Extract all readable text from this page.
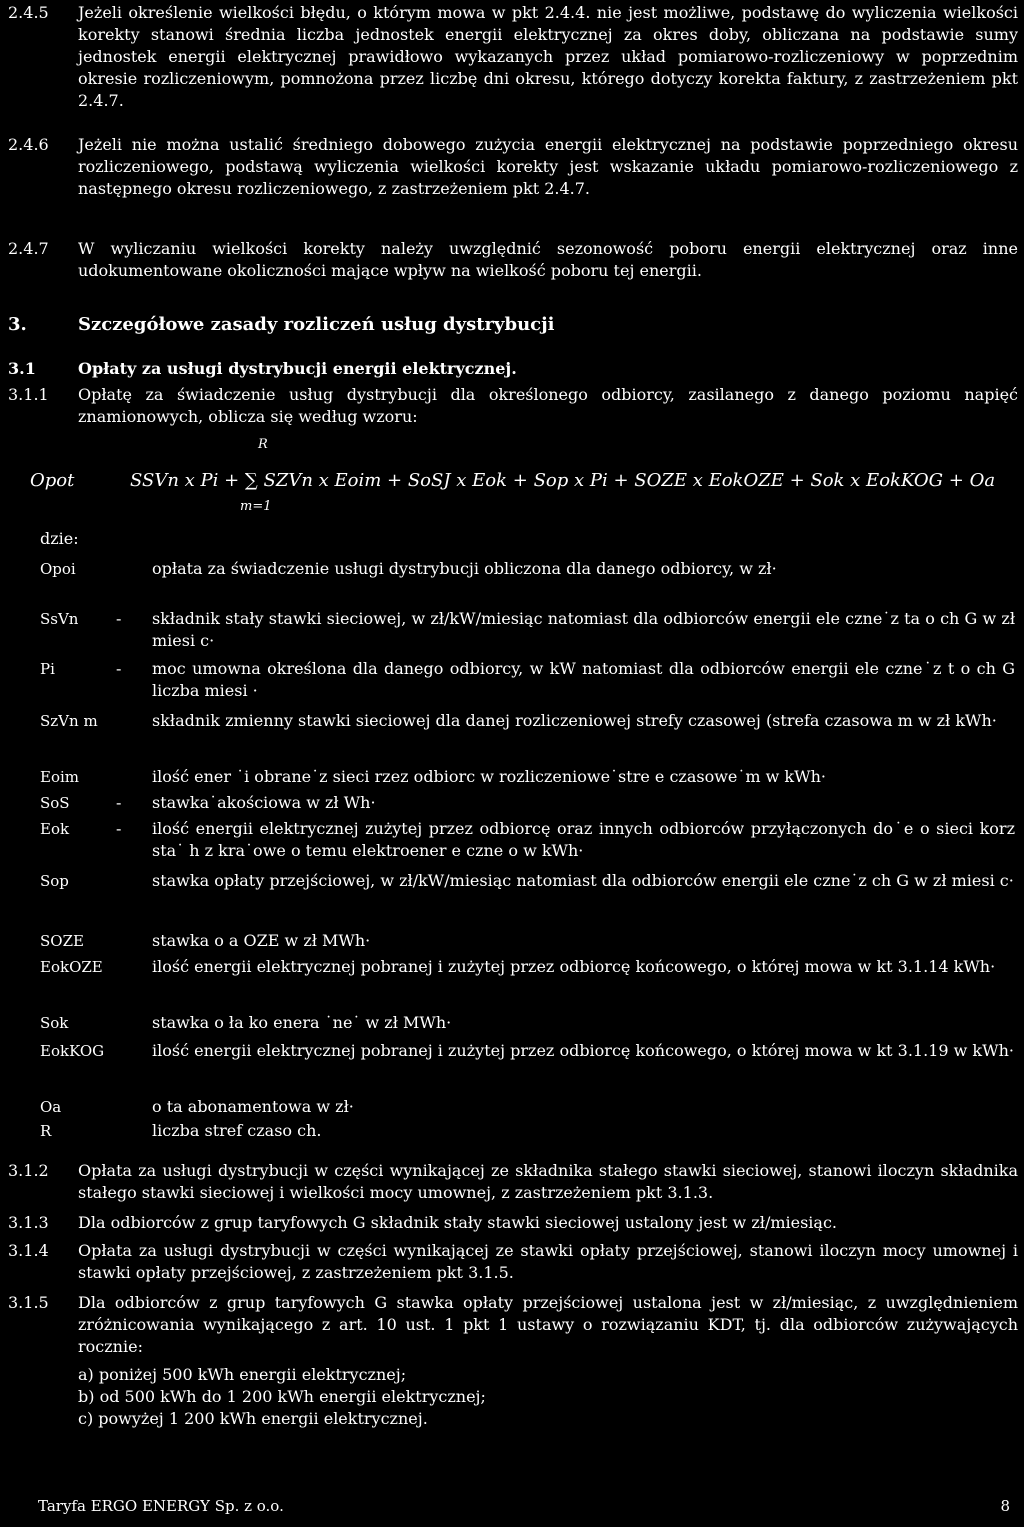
2.4.5 Jeżeli określenie wielkości błędu, o którym mowa w pkt 2.4.4. nie jest możliwe, podstawę do wyliczenia wielkości korekty stanowi średnia liczba jednostek energii elektrycznej za okres doby, obliczana na podstawie sumy jednostek energii elektrycznej prawidłowo wykazanych przez układ pomiarowo-rozliczeniowy w poprzednim okresie rozliczeniowym, pomnożona przez liczbę dni okresu, którego dotyczy korekta faktury, z zastrzeżeniem pkt 2.4.7.
2.4.6 Jeżeli nie można ustalić średniego dobowego zużycia energii elektrycznej na podstawie poprzedniego okresu rozliczeniowego, podstawą wyliczenia wielkości korekty jest wskazanie układu pomiarowo-rozliczeniowego z następnego okresu rozliczeniowego, z zastrzeżeniem pkt 2.4.7.
2.4.7 W wyliczaniu wielkości korekty należy uwzględnić sezonowość poboru energii elektrycznej oraz inne udokumentowane okoliczności mające wpływ na wielkość poboru tej energii.
3.	Szczegółowe zasady rozliczeń usług dystrybucji
3.1	Opłaty za usługi dystrybucji energii elektrycznej.
3.1.1 Opłatę za świadczenie usług dystrybucji dla określonego odbiorcy, zasilanego z danego poziomu napięć znamionowych, oblicza się według wzoru:
Opot
R
SSVn x Pi + ∑ SZVn x Eoim + SoSJ x Eok + Sop x Pi + SOZE x EokOZE + Sok x EokKOG + Oa
m=1
dzie:
Opoi	opłata za świadczenie usługi dystrybucji obliczona dla danego odbiorcy, w zł·
SsVn - składnik stały stawki sieciowej, w zł/kW/miesiąc natomiast dla odbiorców energii ele czne˙z ta o ch G w zł miesi c·
Pi	- moc umowna określona dla danego odbiorcy, w kW natomiast dla odbiorców energii ele czne˙z t o ch G liczba miesi ·
SzVn m	składnik zmienny stawki sieciowej dla danej rozliczeniowej strefy czasowej (strefa czasowa m w zł kWh·
Eoim	ilość ener ˙i obrane˙z sieci rzez odbiorc w rozliczeniowe˙stre e czasowe˙m w kWh·
SoS	- stawka˙akościowa w zł Wh·
Eok	- ilość energii elektrycznej zużytej przez odbiorcę oraz innych odbiorców przyłączonych do˙e o sieci korz sta˙ h z kra˙owe o temu elektroener e czne o w kWh·
Sop	stawka opłaty przejściowej, w zł/kW/miesiąc natomiast dla odbiorców energii ele czne˙z ch G w zł miesi c·
SOZE	stawka o a OZE w zł MWh·
EokOZE	ilość energii elektrycznej pobranej i zużytej przez odbiorcę końcowego, o której mowa w kt 3.1.14 kWh·
Sok	stawka o ła ko enera ˙ne˙ w zł MWh·
EokKOG	ilość energii elektrycznej pobranej i zużytej przez odbiorcę końcowego, o której mowa w kt 3.1.19 w kWh·
Oa	o ta abonamentowa w zł·
R	liczba stref czaso ch.
3.1.2 Opłata za usługi dystrybucji w części wynikającej ze składnika stałego stawki sieciowej, stanowi iloczyn składnika stałego stawki sieciowej i wielkości mocy umownej, z zastrzeżeniem pkt 3.1.3.
3.1.3 Dla odbiorców z grup taryfowych G składnik stały stawki sieciowej ustalony jest w zł/miesiąc.
3.1.4 Opłata za usługi dystrybucji w części wynikającej ze stawki opłaty przejściowej, stanowi iloczyn mocy umownej i stawki opłaty przejściowej, z zastrzeżeniem pkt 3.1.5.
3.1.5 Dla odbiorców z grup taryfowych G stawka opłaty przejściowej ustalona jest w zł/miesiąc, z uwzględnieniem zróżnicowania wynikającego z art. 10 ust. 1 pkt 1 ustawy o rozwiązaniu KDT, tj. dla odbiorców zużywających rocznie:
a) poniżej 500 kWh energii elektrycznej;
b) od 500 kWh do 1 200 kWh energii elektrycznej;
c) powyżej 1 200 kWh energii elektrycznej.
Taryfa ERGO ENERGY Sp. z o.o.	8
